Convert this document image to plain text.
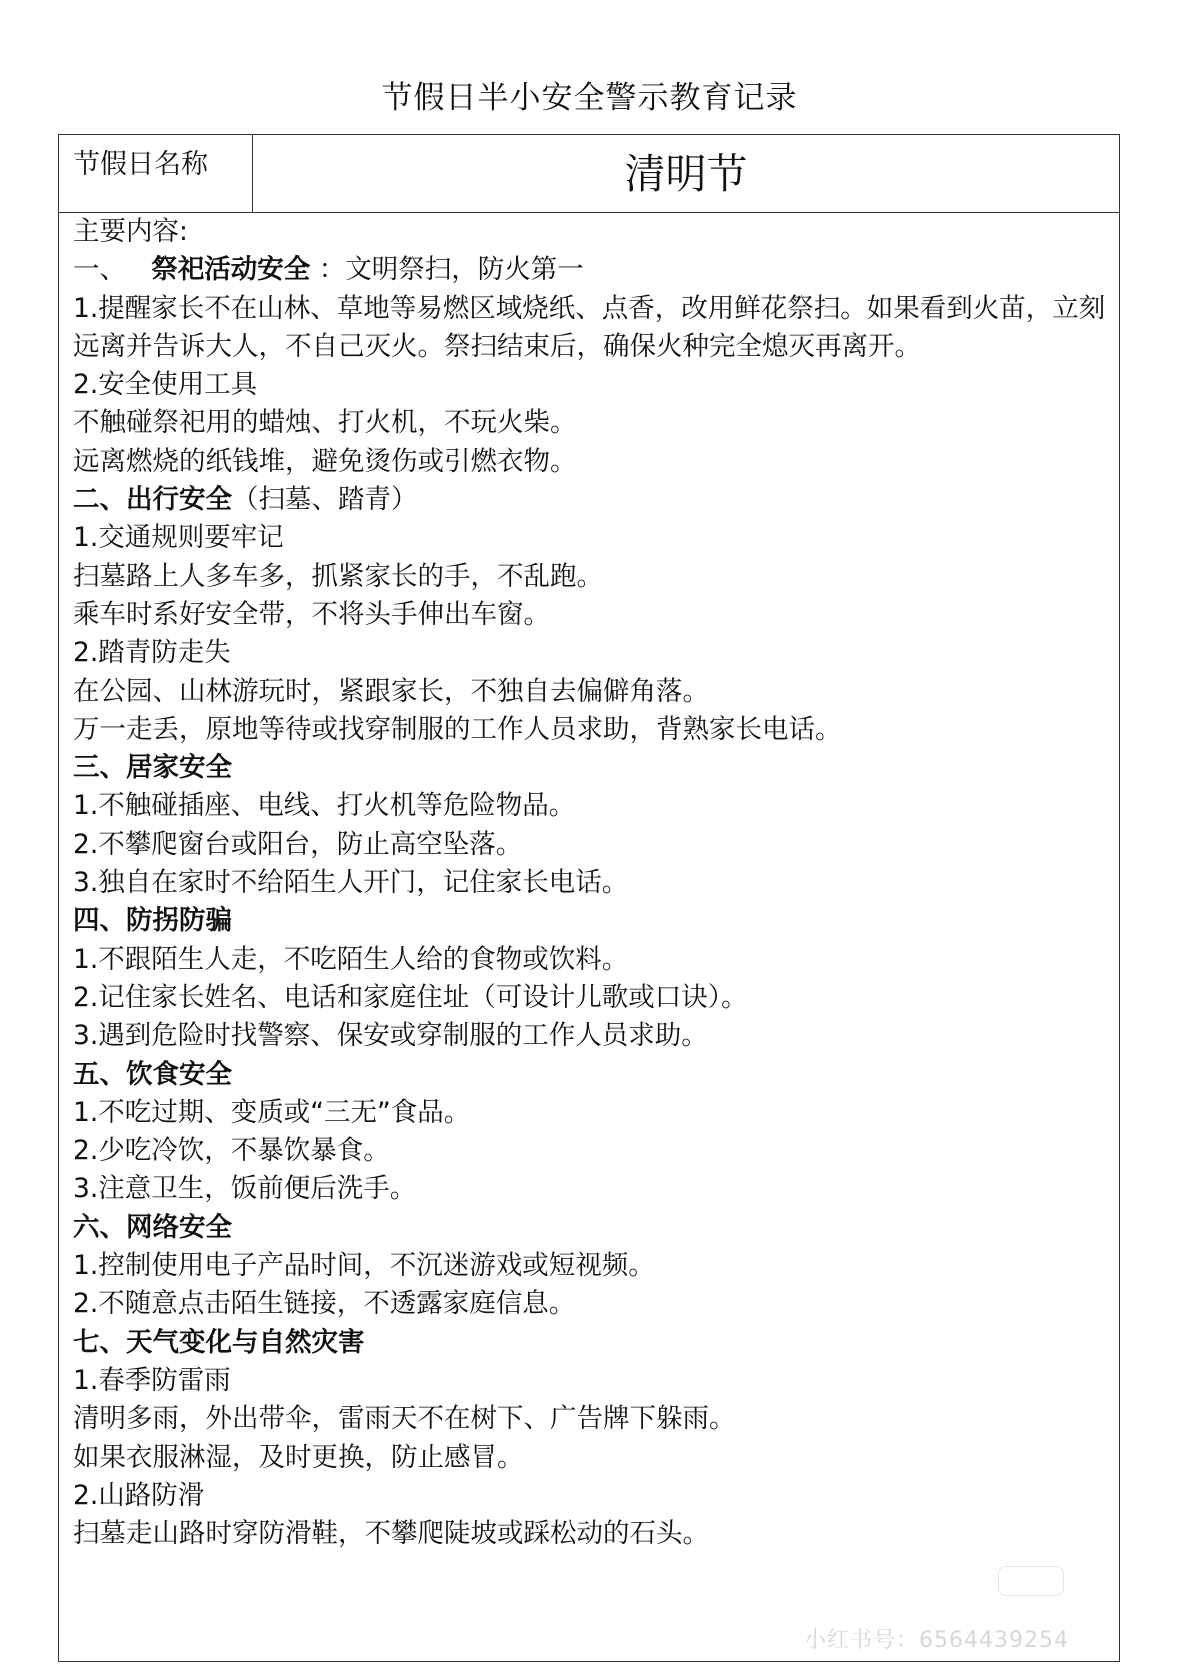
节假日半小安全警示教育记录
节假日名称	清明节
主要内容:
一、 祭祀活动安全 ：文明祭扫，防火第一
1.提醒家长不在山林、草地等易燃区域烧纸、点香，改用鲜花祭扫。如果看到火苗，立刻远离并告诉大人，不自己灭火。祭扫结束后，确保火种完全熄灭再离开。
2.安全使用工具
不触碰祭祀用的蜡烛、打火机，不玩火柴。
远离燃烧的纸钱堆，避免烫伤或引燃衣物。
二、出行安全（扫墓、踏青）
1.交通规则要牢记
扫墓路上人多车多，抓紧家长的手，不乱跑。
乘车时系好安全带，不将头手伸出车窗。
2.踏青防走失
在公园、山林游玩时，紧跟家长，不独自去偏僻角落。
万一走丢，原地等待或找穿制服的工作人员求助，背熟家长电话。
三、居家安全
1.不触碰插座、电线、打火机等危险物品。
2.不攀爬窗台或阳台，防止高空坠落。
3.独自在家时不给陌生人开门，记住家长电话。
四、防拐防骗
1.不跟陌生人走，不吃陌生人给的食物或饮料。
2.记住家长姓名、电话和家庭住址（可设计儿歌或口诀）。
3.遇到危险时找警察、保安或穿制服的工作人员求助。
五、饮食安全
1.不吃过期、变质或“三无”食品。
2.少吃冷饮，不暴饮暴食。
3.注意卫生，饭前便后洗手。
六、网络安全
1.控制使用电子产品时间，不沉迷游戏或短视频。
2.不随意点击陌生链接，不透露家庭信息。
七、天气变化与自然灾害
1.春季防雷雨
清明多雨，外出带伞，雷雨天不在树下、广告牌下躲雨。
如果衣服淋湿，及时更换，防止感冒。
2.山路防滑
扫墓走山路时穿防滑鞋，不攀爬陡坡或踩松动的石头。
小红书号：6564439254
